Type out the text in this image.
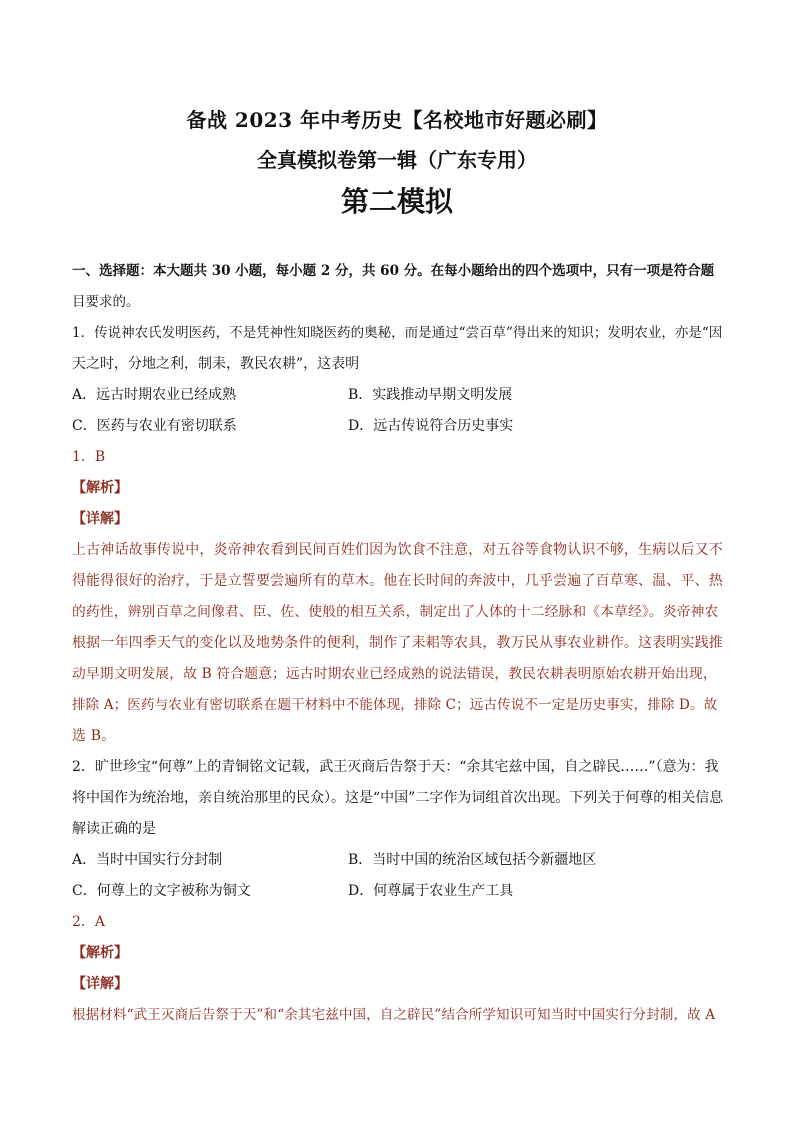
备战 2023 年中考历史【名校地市好题必刷】
全真模拟卷第一辑（广东专用）
第二模拟

一、选择题：本大题共 30 小题，每小题 2 分，共 60 分。在每小题给出的四个选项中，只有一项是符合题

目要求的。

1．传说神农氏发明医药，不是凭神性知晓医药的奥秘，而是通过“尝百草”得出来的知识；发明农业，亦是“因

天之时，分地之利，制耒，教民农耕”，这表明

A．远古时期农业已经成熟	B．实践推动早期文明发展
C．医药与农业有密切联系	D．远古传说符合历史事实

1．B

【解析】

【详解】

上古神话故事传说中，炎帝神农看到民间百姓们因为饮食不注意，对五谷等食物认识不够，生病以后又不

得能得很好的治疗，于是立誓要尝遍所有的草木。他在长时间的奔波中，几乎尝遍了百草寒、温、平、热

的药性，辨别百草之间像君、臣、佐、使般的相互关系，制定出了人体的十二经脉和《本草经》。炎帝神农

根据一年四季天气的变化以及地势条件的便利，制作了耒耜等农具，教万民从事农业耕作。这表明实践推

动早期文明发展，故 B 符合题意；远古时期农业已经成熟的说法错误，教民农耕表明原始农耕开始出现，

排除 A；医药与农业有密切联系在题干材料中不能体现，排除 C；远古传说不一定是历史事实，排除 D。故

选 B。

2．旷世珍宝“何尊”上的青铜铭文记载，武王灭商后告祭于天：“余其宅兹中国，自之辟民……”（意为：我

将中国作为统治地，亲自统治那里的民众）。这是“中国”二字作为词组首次出现。下列关于何尊的相关信息

解读正确的是

A．当时中国实行分封制	B．当时中国的统治区域包括今新疆地区
C．何尊上的文字被称为铜文	D．何尊属于农业生产工具

2．A

【解析】

【详解】

根据材料“武王灭商后告祭于天”和“余其宅兹中国，自之辟民”结合所学知识可知当时中国实行分封制，故 A
